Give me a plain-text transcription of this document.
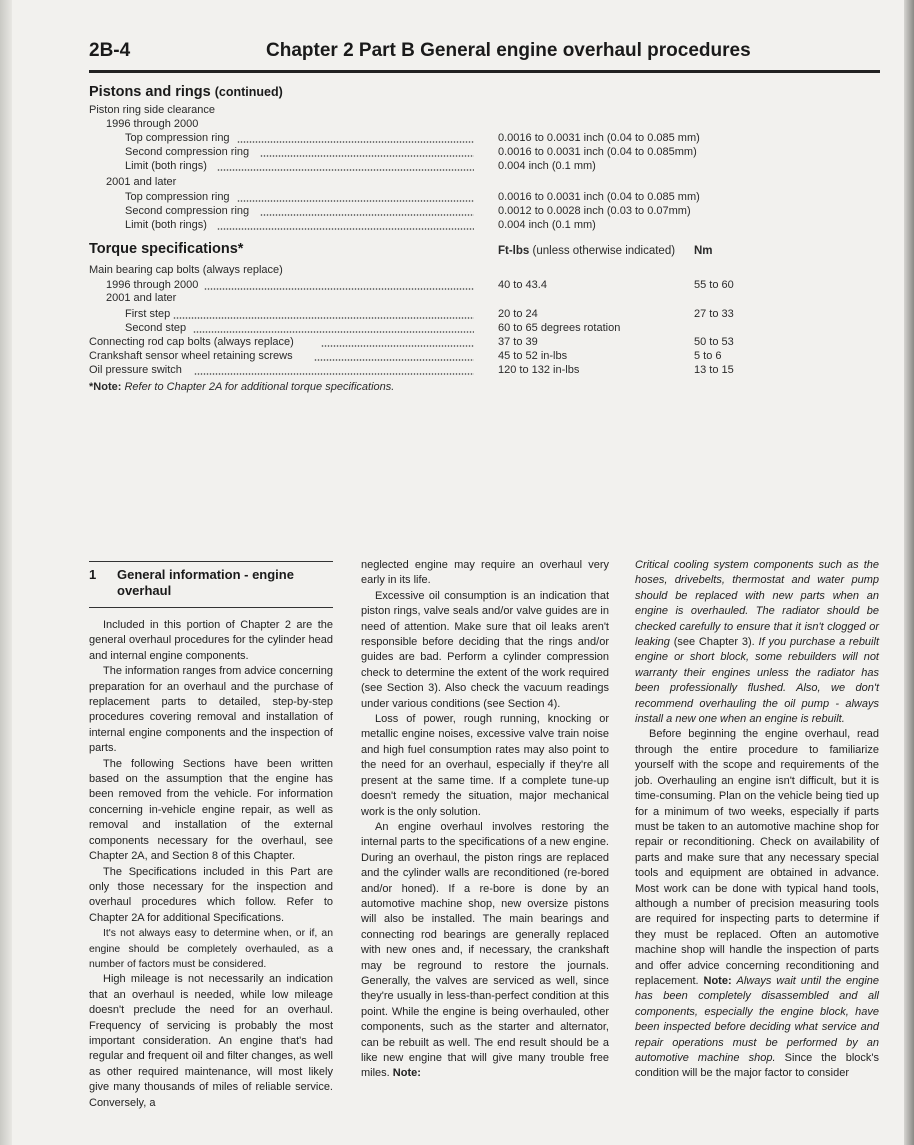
2B-4	Chapter 2 Part B General engine overhaul procedures
Pistons and rings (continued)
Piston ring side clearance
1996 through 2000
Top compression ring	0.0016 to 0.0031 inch (0.04 to 0.085 mm)
Second compression ring	0.0016 to 0.0031 inch (0.04 to 0.085mm)
Limit (both rings)	0.004 inch (0.1 mm)
2001 and later
Top compression ring	0.0016 to 0.0031 inch (0.04 to 0.085 mm)
Second compression ring	0.0012 to 0.0028 inch (0.03 to 0.07mm)
Limit (both rings)	0.004 inch (0.1 mm)
Torque specifications*	Ft-lbs (unless otherwise indicated) Nm
Main bearing cap bolts (always replace)
1996 through 2000	40 to 43.4	55 to 60
2001 and later
First step	20 to 24	27 to 33
Second step	60 to 65 degrees rotation
Connecting rod cap bolts (always replace)	37 to 39	50 to 53
Crankshaft sensor wheel retaining screws	45 to 52 in-lbs	5 to 6
Oil pressure switch	120 to 132 in-lbs	13 to 15
*Note: Refer to Chapter 2A for additional torque specifications.
1 General information - engine overhaul

Included in this portion of Chapter 2 are the general overhaul procedures for the cylinder head and internal engine components.

The information ranges from advice concerning preparation for an overhaul and the purchase of replacement parts to detailed, step-by-step procedures covering removal and installation of internal engine components and the inspection of parts.

The following Sections have been written based on the assumption that the engine has been removed from the vehicle. For information concerning in-vehicle engine repair, as well as removal and installation of the external components necessary for the overhaul, see Chapter 2A, and Section 8 of this Chapter.

The Specifications included in this Part are only those necessary for the inspection and overhaul procedures which follow. Refer to Chapter 2A for additional Specifications.

It's not always easy to determine when, or if, an engine should be completely overhauled, as a number of factors must be considered.

High mileage is not necessarily an indication that an overhaul is needed, while low mileage doesn't preclude the need for an overhaul. Frequency of servicing is probably the most important consideration. An engine that's had regular and frequent oil and filter changes, as well as other required maintenance, will most likely give many thousands of miles of reliable service. Conversely, a

neglected engine may require an overhaul very early in its life.

Excessive oil consumption is an indication that piston rings, valve seals and/or valve guides are in need of attention. Make sure that oil leaks aren't responsible before deciding that the rings and/or guides are bad. Perform a cylinder compression check to determine the extent of the work required (see Section 3). Also check the vacuum readings under various conditions (see Section 4).

Loss of power, rough running, knocking or metallic engine noises, excessive valve train noise and high fuel consumption rates may also point to the need for an overhaul, especially if they're all present at the same time. If a complete tune-up doesn't remedy the situation, major mechanical work is the only solution.

An engine overhaul involves restoring the internal parts to the specifications of a new engine. During an overhaul, the piston rings are replaced and the cylinder walls are reconditioned (re-bored and/or honed). If a re-bore is done by an automotive machine shop, new oversize pistons will also be installed. The main bearings and connecting rod bearings are generally replaced with new ones and, if necessary, the crankshaft may be reground to restore the journals. Generally, the valves are serviced as well, since they're usually in less-than-perfect condition at this point. While the engine is being overhauled, other components, such as the starter and alternator, can be rebuilt as well. The end result should be a like new engine that will give many trouble free miles. Note:

Critical cooling system components such as the hoses, drivebelts, thermostat and water pump should be replaced with new parts when an engine is overhauled. The radiator should be checked carefully to ensure that it isn't clogged or leaking (see Chapter 3). If you purchase a rebuilt engine or short block, some rebuilders will not warranty their engines unless the radiator has been professionally flushed. Also, we don't recommend overhauling the oil pump - always install a new one when an engine is rebuilt.

Before beginning the engine overhaul, read through the entire procedure to familiarize yourself with the scope and requirements of the job. Overhauling an engine isn't difficult, but it is time-consuming. Plan on the vehicle being tied up for a minimum of two weeks, especially if parts must be taken to an automotive machine shop for repair or reconditioning. Check on availability of parts and make sure that any necessary special tools and equipment are obtained in advance. Most work can be done with typical hand tools, although a number of precision measuring tools are required for inspecting parts to determine if they must be replaced. Often an automotive machine shop will handle the inspection of parts and offer advice concerning reconditioning and replacement. Note: Always wait until the engine has been completely disassembled and all components, especially the engine block, have been inspected before deciding what service and repair operations must be performed by an automotive machine shop. Since the block's condition will be the major factor to consider
